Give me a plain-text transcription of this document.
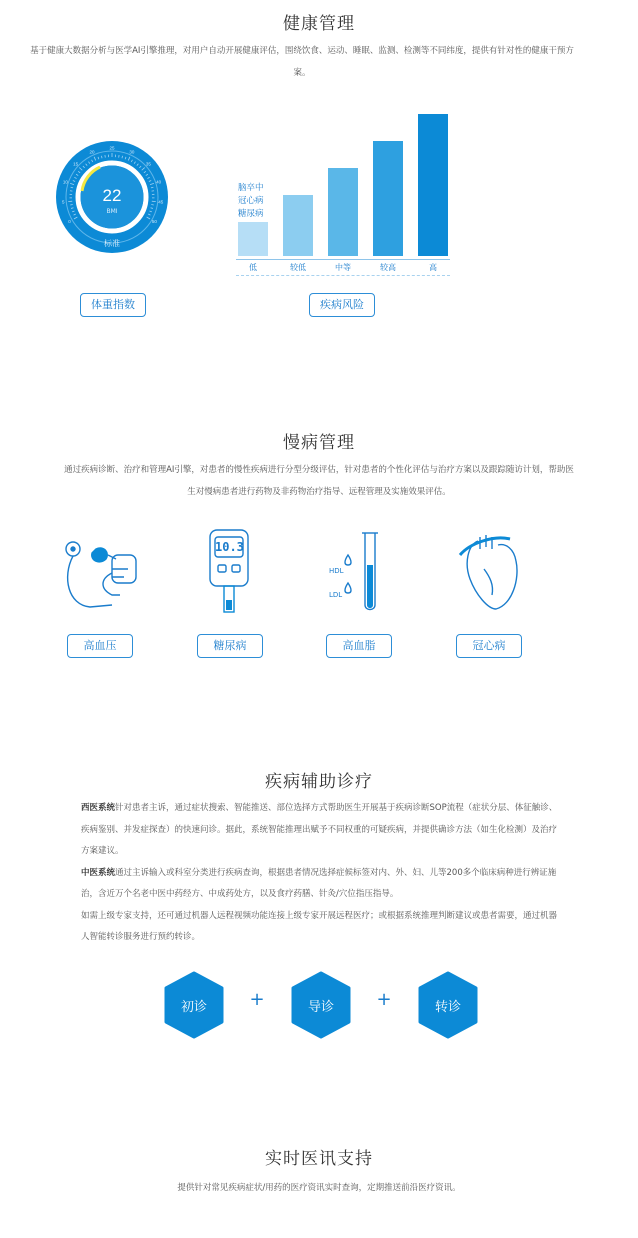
健康管理
基于健康大数据分析与医学AI引擎推理，对用户自动开展健康评估，围绕饮食、运动、睡眠、监测、检测等不同纬度，提供有针对性的健康干预方案。
0
5
10
15
20
25
30
35
40
45
50
22
BMI
标准
体重指数
脑卒中
冠心病
糖尿病
低	较低	中等	较高	高
疾病风险
慢病管理
通过疾病诊断、治疗和管理AI引擎，对患者的慢性疾病进行分型分级评估，针对患者的个性化评估与治疗方案以及跟踪随访计划，帮助医生对慢病患者进行药物及非药物治疗指导、远程管理及实施效果评估。
10.3
HDL
LDL
高血压	糖尿病	高血脂	冠心病
疾病辅助诊疗

西医系统针对患者主诉，通过症状搜索、智能推送、部位选择方式帮助医生开展基于疾病诊断SOP流程（症状分层、体征触诊、疾病鉴别、并发症探查）的快速问诊。据此，系统智能推理出赋予不同权重的可疑疾病，并提供确诊方法（如生化检测）及治疗方案建议。

中医系统通过主诉输入或科室分类进行疾病查询，根据患者情况选择症候标签对内、外、妇、儿等200多个临床病种进行辨证施治，含近万个名老中医中药经方、中成药处方，以及食疗药膳、针灸/穴位指压指导。

如需上级专家支持，还可通过机器人远程视频功能连接上级专家开展远程医疗；或根据系统推理判断建议或患者需要，通过机器人智能转诊服务进行预约转诊。

初诊	+	导诊	+	转诊
实时医讯支持
提供针对常见疾病症状/用药的医疗资讯实时查询，定期推送前沿医疗资讯。
